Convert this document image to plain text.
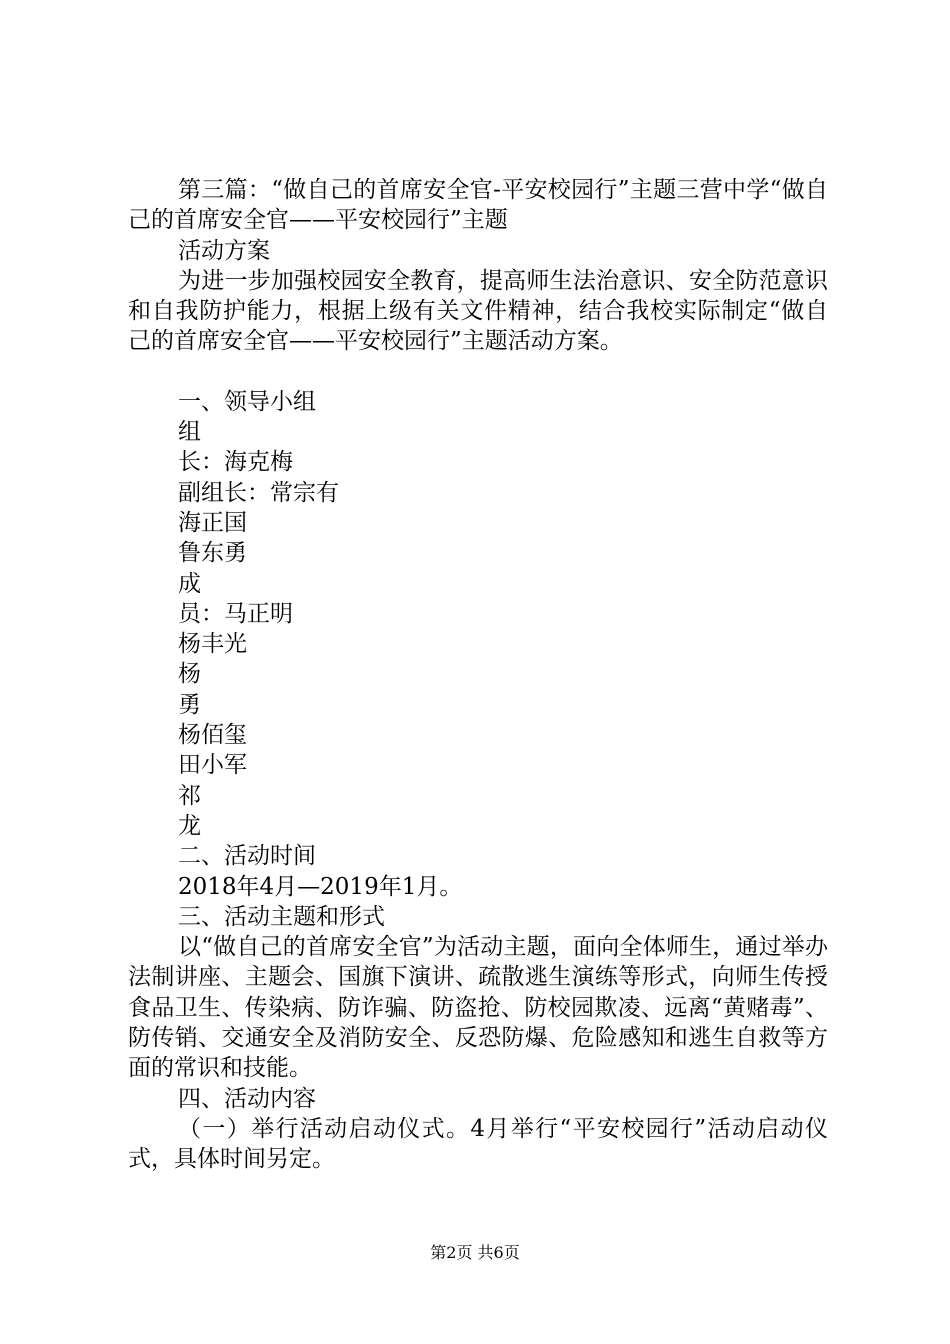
第三篇：“做自己的首席安全官-平安校园行”主题三营中学“做自己的首席安全官——平安校园行”主题

活动方案

为进一步加强校园安全教育，提高师生法治意识、安全防范意识和自我防护能力，根据上级有关文件精神，结合我校实际制定“做自己的首席安全官——平安校园行”主题活动方案。

一、领导小组

组

长：海克梅

副组长：常宗有

海正国

鲁东勇

成

员：马正明

杨丰光

杨

勇

杨佰玺

田小军

祁

龙

二、活动时间

2018年4月—2019年1月。

三、活动主题和形式

以“做自己的首席安全官”为活动主题，面向全体师生，通过举办法制讲座、主题会、国旗下演讲、疏散逃生演练等形式，向师生传授食品卫生、传染病、防诈骗、防盗抢、防校园欺凌、远离“黄赌毒”、防传销、交通安全及消防安全、反恐防爆、危险感知和逃生自救等方面的常识和技能。

四、活动内容

（一）举行活动启动仪式。4月举行“平安校园行”活动启动仪式，具体时间另定。

第2页 共6页
